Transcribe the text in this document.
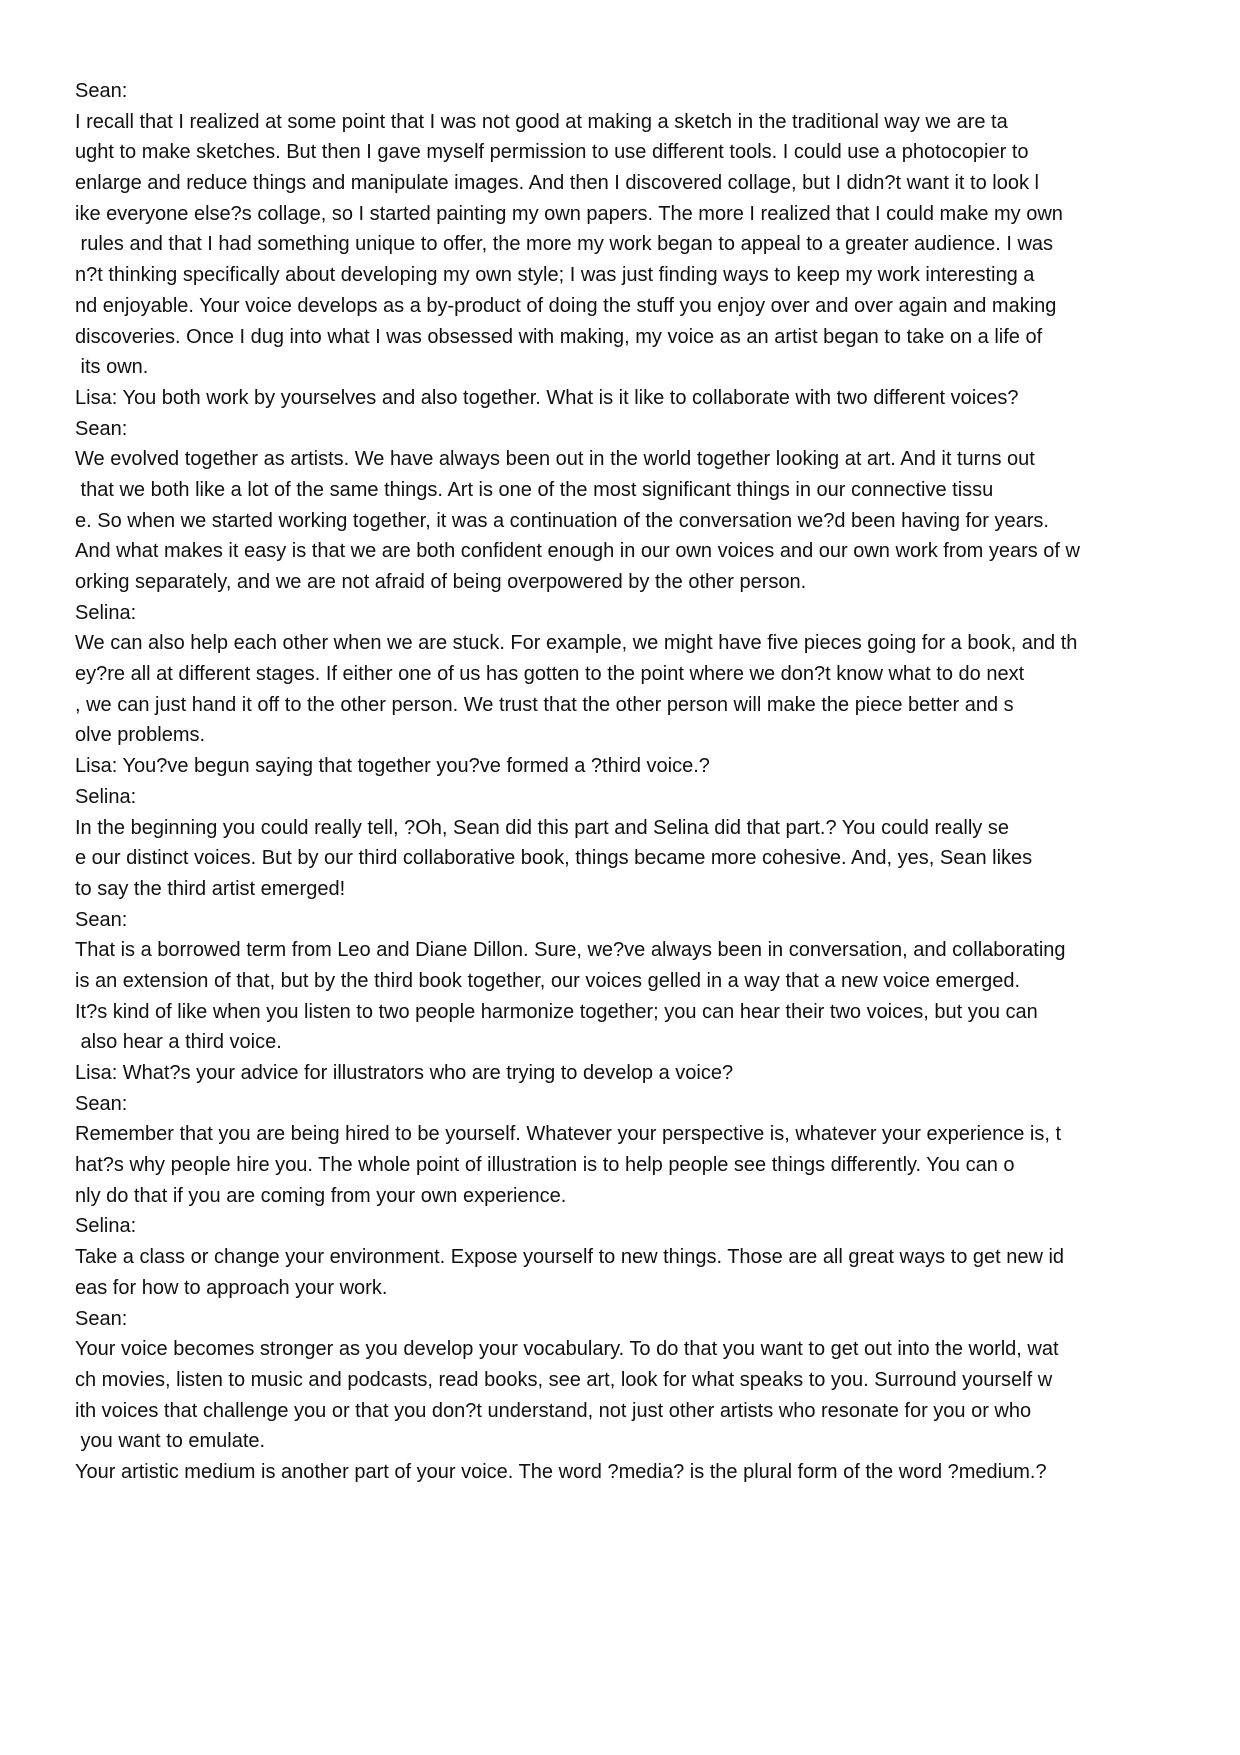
Sean:
I recall that I realized at some point that I was not good at making a sketch in the traditional way we are ta
ught to make sketches. But then I gave myself permission to use different tools. I could use a photocopier to
enlarge and reduce things and manipulate images. And then I discovered collage, but I didn?t want it to look l
ike everyone else?s collage, so I started painting my own papers. The more I realized that I could make my own
rules and that I had something unique to offer, the more my work began to appeal to a greater audience. I was
n?t thinking specifically about developing my own style; I was just finding ways to keep my work interesting a
nd enjoyable. Your voice develops as a by-product of doing the stuff you enjoy over and over again and making
discoveries. Once I dug into what I was obsessed with making, my voice as an artist began to take on a life of
its own.
Lisa: You both work by yourselves and also together. What is it like to collaborate with two different voices?
Sean:
We evolved together as artists. We have always been out in the world together looking at art. And it turns out
that we both like a lot of the same things. Art is one of the most significant things in our connective tissu
e. So when we started working together, it was a continuation of the conversation we?d been having for years.
And what makes it easy is that we are both confident enough in our own voices and our own work from years of w
orking separately, and we are not afraid of being overpowered by the other person.
Selina:
We can also help each other when we are stuck. For example, we might have five pieces going for a book, and th
ey?re all at different stages. If either one of us has gotten to the point where we don?t know what to do next
, we can just hand it off to the other person. We trust that the other person will make the piece better and s
olve problems.
Lisa: You?ve begun saying that together you?ve formed a ?third voice.?
Selina:
In the beginning you could really tell, ?Oh, Sean did this part and Selina did that part.? You could really se
e our distinct voices. But by our third collaborative book, things became more cohesive. And, yes, Sean likes
to say the third artist emerged!
Sean:
That is a borrowed term from Leo and Diane Dillon. Sure, we?ve always been in conversation, and collaborating
is an extension of that, but by the third book together, our voices gelled in a way that a new voice emerged.
It?s kind of like when you listen to two people harmonize together; you can hear their two voices, but you can
also hear a third voice.
Lisa: What?s your advice for illustrators who are trying to develop a voice?
Sean:
Remember that you are being hired to be yourself. Whatever your perspective is, whatever your experience is, t
hat?s why people hire you. The whole point of illustration is to help people see things differently. You can o
nly do that if you are coming from your own experience.
Selina:
Take a class or change your environment. Expose yourself to new things. Those are all great ways to get new id
eas for how to approach your work.
Sean:
Your voice becomes stronger as you develop your vocabulary. To do that you want to get out into the world, wat
ch movies, listen to music and podcasts, read books, see art, look for what speaks to you. Surround yourself w
ith voices that challenge you or that you don?t understand, not just other artists who resonate for you or who
you want to emulate.
Your artistic medium is another part of your voice. The word ?media? is the plural form of the word ?medium.?
